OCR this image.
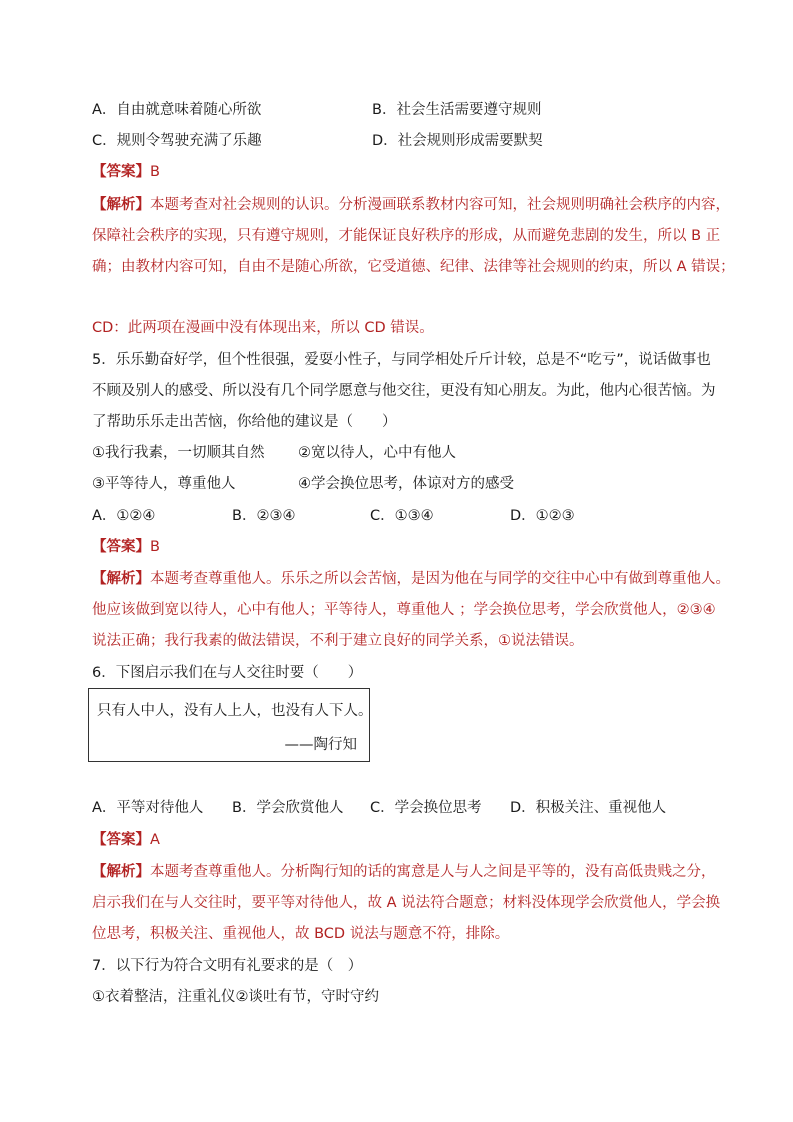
A．自由就意味着随心所欲	B．社会生活需要遵守规则
C．规则令驾驶充满了乐趣	D．社会规则形成需要默契
【答案】B
【解析】本题考查对社会规则的认识。分析漫画联系教材内容可知，社会规则明确社会秩序的内容，
保障社会秩序的实现，只有遵守规则，才能保证良好秩序的形成，从而避免悲剧的发生，所以 B 正
确；由教材内容可知，自由不是随心所欲，它受道德、纪律、法律等社会规则的约束，所以 A 错误；
CD：此两项在漫画中没有体现出来，所以 CD 错误。
5．乐乐勤奋好学，但个性很强，爱耍小性子，与同学相处斤斤计较，总是不“吃亏”，说话做事也
不顾及别人的感受、所以没有几个同学愿意与他交往，更没有知心朋友。为此，他内心很苦恼。为
了帮助乐乐走出苦恼，你给他的建议是（　　）
①我行我素，一切顺其自然 ②宽以待人，心中有他人
③平等待人，尊重他人	④学会换位思考，体谅对方的感受
A．①②④	B．②③④	C．①③④	D．①②③
【答案】B
【解析】本题考查尊重他人。乐乐之所以会苦恼，是因为他在与同学的交往中心中有做到尊重他人。
他应该做到宽以待人，心中有他人；平等待人，尊重他人 ；学会换位思考，学会欣赏他人，②③④
说法正确；我行我素的做法错误，不利于建立良好的同学关系，①说法错误。
6．下图启示我们在与人交往时要（　　）
只有人中人，没有人上人，也没有人下人。
——陶行知
A．平等对待他人 B．学会欣赏他人 C．学会换位思考 D．积极关注、重视他人
【答案】A
【解析】本题考查尊重他人。分析陶行知的话的寓意是人与人之间是平等的，没有高低贵贱之分，
启示我们在与人交往时，要平等对待他人，故 A 说法符合题意；材料没体现学会欣赏他人，学会换
位思考，积极关注、重视他人，故 BCD 说法与题意不符，排除。
7．以下行为符合文明有礼要求的是（　）
①衣着整洁，注重礼仪②谈吐有节，守时守约
